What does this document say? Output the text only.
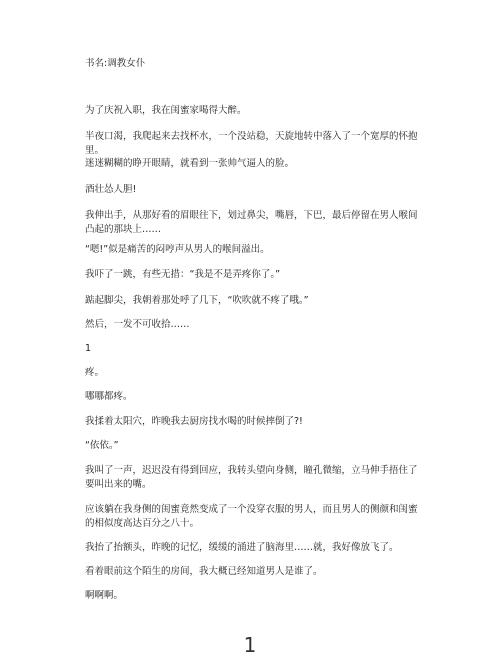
书名:调教女仆
为了庆祝入职，我在闺蜜家喝得大醉。
半夜口渴，我爬起来去找杯水，一个没站稳，天旋地转中落入了一个宽厚的怀抱里。
迷迷糊糊的睁开眼睛，就看到一张帅气逼人的脸。
酒壮怂人胆!
我伸出手，从那好看的眉眼往下，划过鼻尖，嘴唇，下巴，最后停留在男人喉间凸起的那块上……
“嗯!”似是痛苦的闷哼声从男人的喉间溢出。
我吓了一跳，有些无措：“我是不是弄疼你了。”
踮起脚尖，我朝着那处呼了几下，“吹吹就不疼了哦。”
然后，一发不可收拾……
1
疼。
哪哪都疼。
我揉着太阳穴，昨晚我去厨房找水喝的时候摔倒了?!
“依依。”
我叫了一声，迟迟没有得到回应，我转头望向身侧，瞳孔微缩，立马伸手捂住了要叫出来的嘴。
应该躺在我身侧的闺蜜竟然变成了一个没穿衣服的男人，而且男人的侧颜和闺蜜的相似度高达百分之八十。
我抬了抬额头，昨晚的记忆，缓缓的涌进了脑海里……就，我好像放飞了。
看着眼前这个陌生的房间，我大概已经知道男人是谁了。
啊啊啊。
1
